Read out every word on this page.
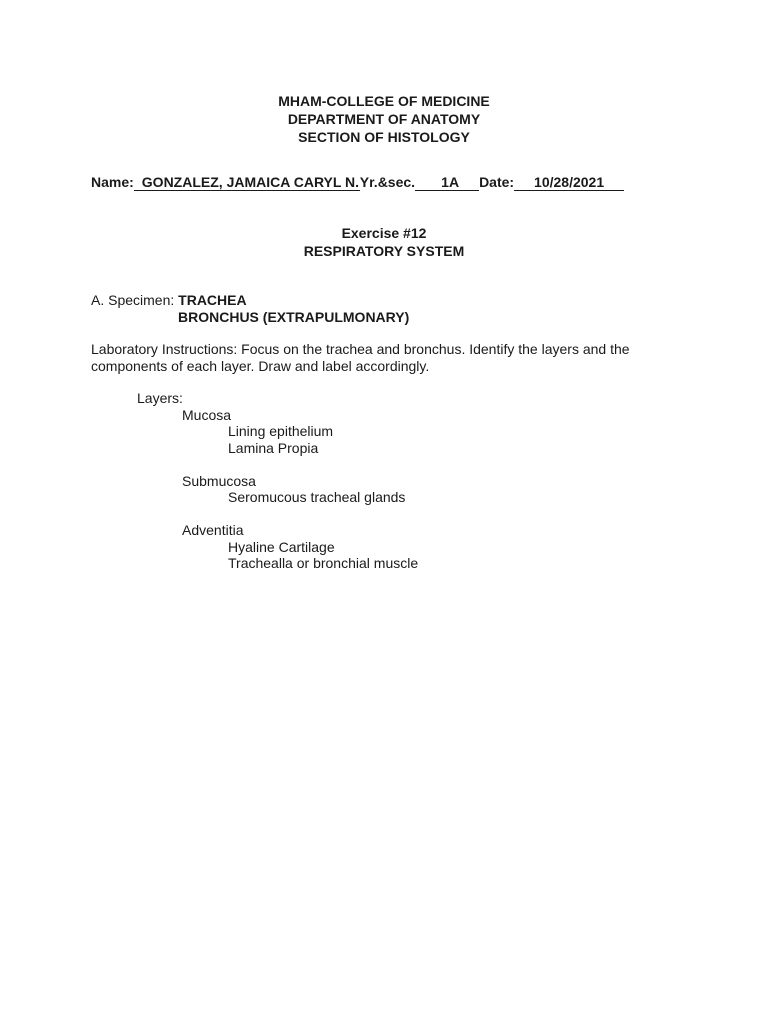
MHAM-COLLEGE OF MEDICINE
DEPARTMENT OF ANATOMY
SECTION OF HISTOLOGY
Name: GONZALEZ, JAMAICA CARYL N.Yr.&sec. 1A Date: 10/28/2021
Exercise #12
RESPIRATORY SYSTEM
A. Specimen: TRACHEA
BRONCHUS (EXTRAPULMONARY)
Laboratory Instructions: Focus on the trachea and bronchus. Identify the layers and the components of each layer. Draw and label accordingly.
Layers:
Mucosa
Lining epithelium
Lamina Propia
Submucosa
Seromucous tracheal glands
Adventitia
Hyaline Cartilage
Trachealla or bronchial muscle
